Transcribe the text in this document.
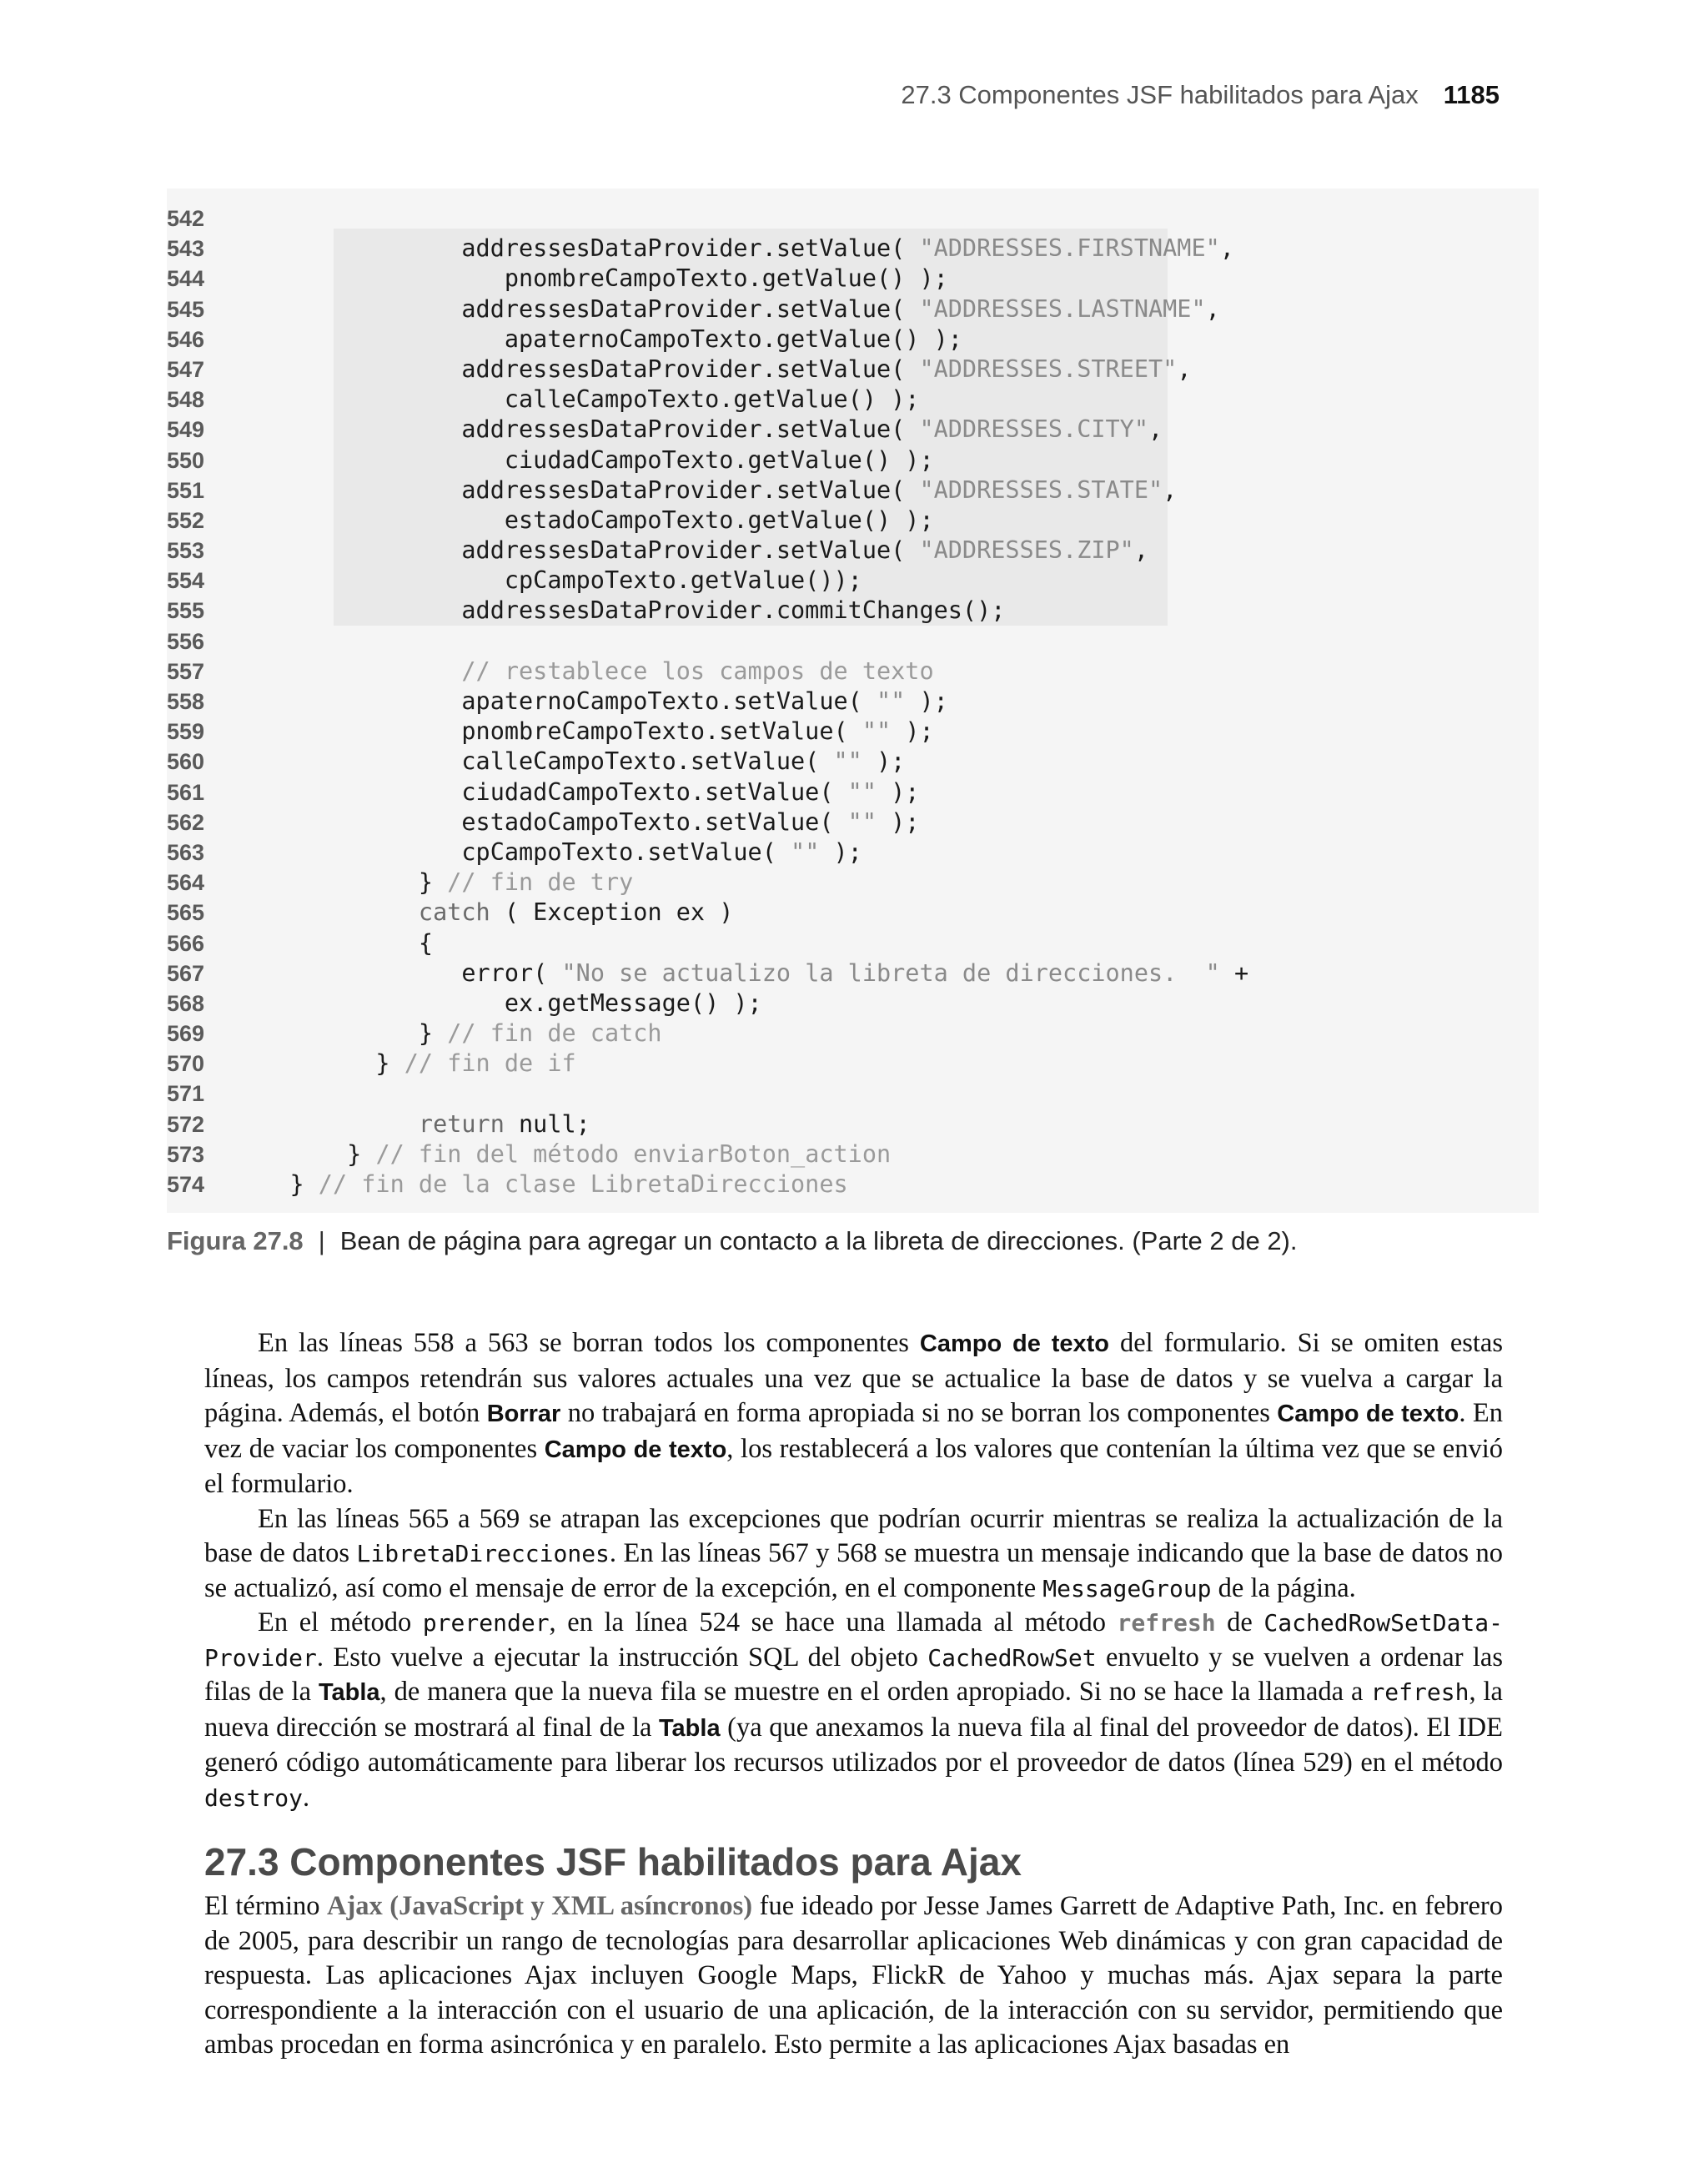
27.3 Componentes JSF habilitados para Ajax 1185
542
543 addressesDataProvider.setValue( "ADDRESSES.FIRSTNAME",
544 pnombreCampoTexto.getValue() );
545 addressesDataProvider.setValue( "ADDRESSES.LASTNAME",
546 apaternoCampoTexto.getValue() );
547 addressesDataProvider.setValue( "ADDRESSES.STREET",
548 calleCampoTexto.getValue() );
549 addressesDataProvider.setValue( "ADDRESSES.CITY",
550 ciudadCampoTexto.getValue() );
551 addressesDataProvider.setValue( "ADDRESSES.STATE",
552 estadoCampoTexto.getValue() );
553 addressesDataProvider.setValue( "ADDRESSES.ZIP",
554 cpCampoTexto.getValue());
555 addressesDataProvider.commitChanges();
556
557	// restablece los campos de texto
558 apaternoCampoTexto.setValue( "" );
559 pnombreCampoTexto.setValue( "" );
560 calleCampoTexto.setValue( "" );
561 ciudadCampoTexto.setValue( "" );
562 estadoCampoTexto.setValue( "" );
563 cpCampoTexto.setValue( "" );
564 } // fin de try
565	catch ( Exception ex )
566 {
567 error( "No se actualizo la libreta de direcciones.  " +
568 ex.getMessage() );
569 } // fin de catch
570 } // fin de if
571
572	return null;
573 } // fin del método enviarBoton_action
574 } // fin de la clase LibretaDirecciones
Figura 27.8 | Bean de página para agregar un contacto a la libreta de direcciones. (Parte 2 de 2).

En las líneas 558 a 563 se borran todos los componentes Campo de texto del formulario. Si se omiten estas líneas, los campos retendrán sus valores actuales una vez que se actualice la base de datos y se vuelva a cargar la página. Además, el botón Borrar no trabajará en forma apropiada si no se borran los componentes Campo de texto. En vez de vaciar los componentes Campo de texto, los restablecerá a los valores que contenían la última vez que se envió el formulario.

En las líneas 565 a 569 se atrapan las excepciones que podrían ocurrir mientras se realiza la actualización de la base de datos LibretaDirecciones. En las líneas 567 y 568 se muestra un mensaje indicando que la base de datos no se actualizó, así como el mensaje de error de la excepción, en el componente MessageGroup de la página.

En el método prerender, en la línea 524 se hace una llamada al método refresh de CachedRowSetData-Provider. Esto vuelve a ejecutar la instrucción SQL del objeto CachedRowSet envuelto y se vuelven a ordenar las filas de la Tabla, de manera que la nueva fila se muestre en el orden apropiado. Si no se hace la llamada a refresh, la nueva dirección se mostrará al final de la Tabla (ya que anexamos la nueva fila al final del proveedor de datos). El IDE generó código automáticamente para liberar los recursos utilizados por el proveedor de datos (línea 529) en el método destroy.

27.3 Componentes JSF habilitados para Ajax

El término Ajax (JavaScript y XML asíncronos) fue ideado por Jesse James Garrett de Adaptive Path, Inc. en febrero de 2005, para describir un rango de tecnologías para desarrollar aplicaciones Web dinámicas y con gran capacidad de respuesta. Las aplicaciones Ajax incluyen Google Maps, FlickR de Yahoo y muchas más. Ajax separa la parte correspondiente a la interacción con el usuario de una aplicación, de la interacción con su servidor, permitiendo que ambas procedan en forma asincrónica y en paralelo. Esto permite a las aplicaciones Ajax basadas en
